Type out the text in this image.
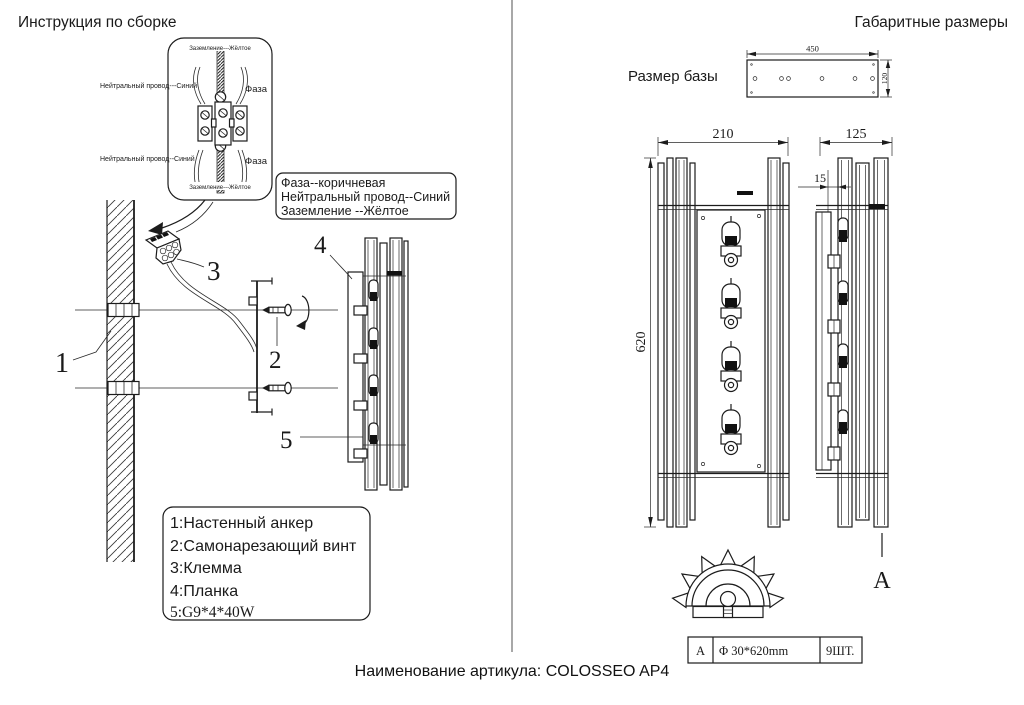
Инструкция по сборке	Габаритные размеры
Заземление---Жёлтое
Нейтральный провод---Синий	Фаза
Нейтральный провод--Синий	Фаза
Заземление---Жёлтое Фаза--коричневая
Нейтральный провод--Синий
Заземление --Жёлтое
1	2
3
4
5
1:Настенный анкер
2:Самонарезающий винт
3:Клемма
4:Планка
5:G9*4*40W
Размер базы
450
120
210
620
125
15
A
A Φ 30*620mm	9ШТ.
Наименование артикула: COLOSSEO AP4
